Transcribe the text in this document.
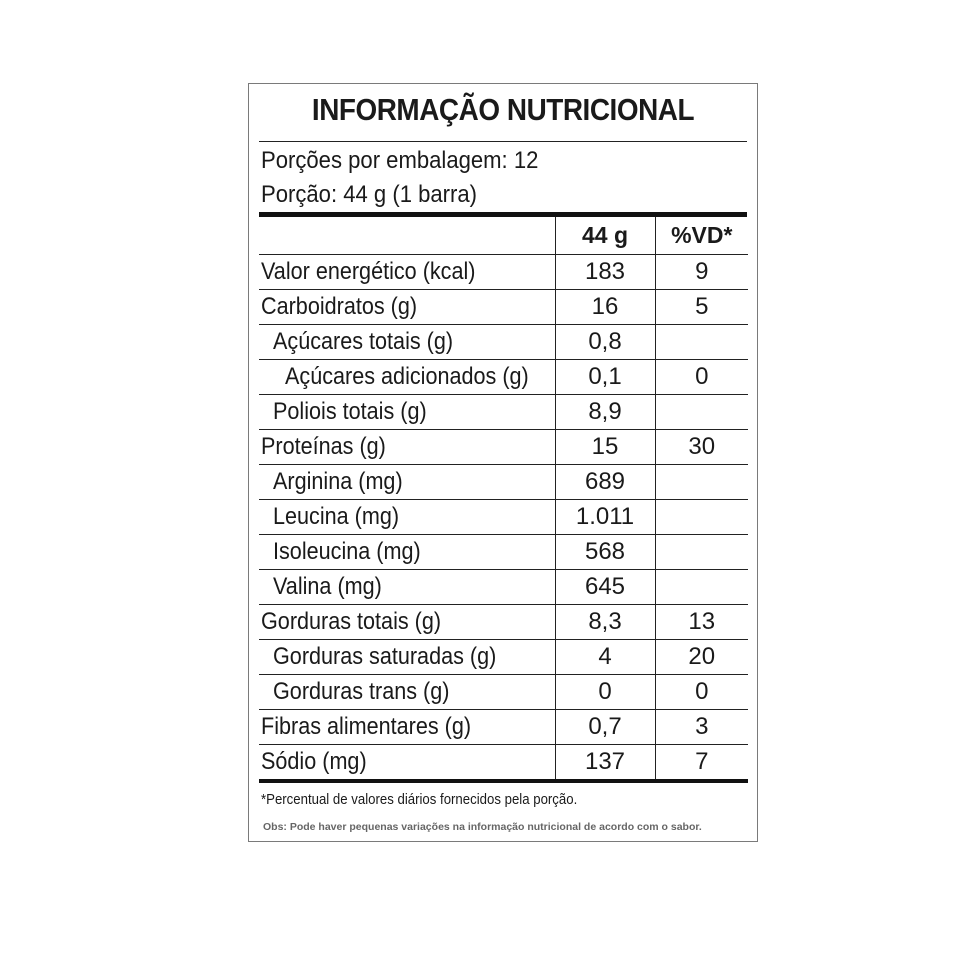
INFORMAÇÃO NUTRICIONAL
Porções por embalagem: 12
Porção: 44 g (1 barra)
	44 g	%VD*
Valor energético (kcal)	183	9
Carboidratos (g)	16	5
Açúcares totais (g)	0,8	
Açúcares adicionados (g)	0,1	0
Poliois totais (g)	8,9	
Proteínas (g)	15	30
Arginina (mg)	689	
Leucina (mg)	1.011	
Isoleucina (mg)	568	
Valina (mg)	645	
Gorduras totais (g)	8,3	13
Gorduras saturadas (g)	4	20
Gorduras trans (g)	0	0
Fibras alimentares (g)	0,7	3
Sódio (mg)	137	7
*Percentual de valores diários fornecidos pela porção.
Obs: Pode haver pequenas variações na informação nutricional de acordo com o sabor.
